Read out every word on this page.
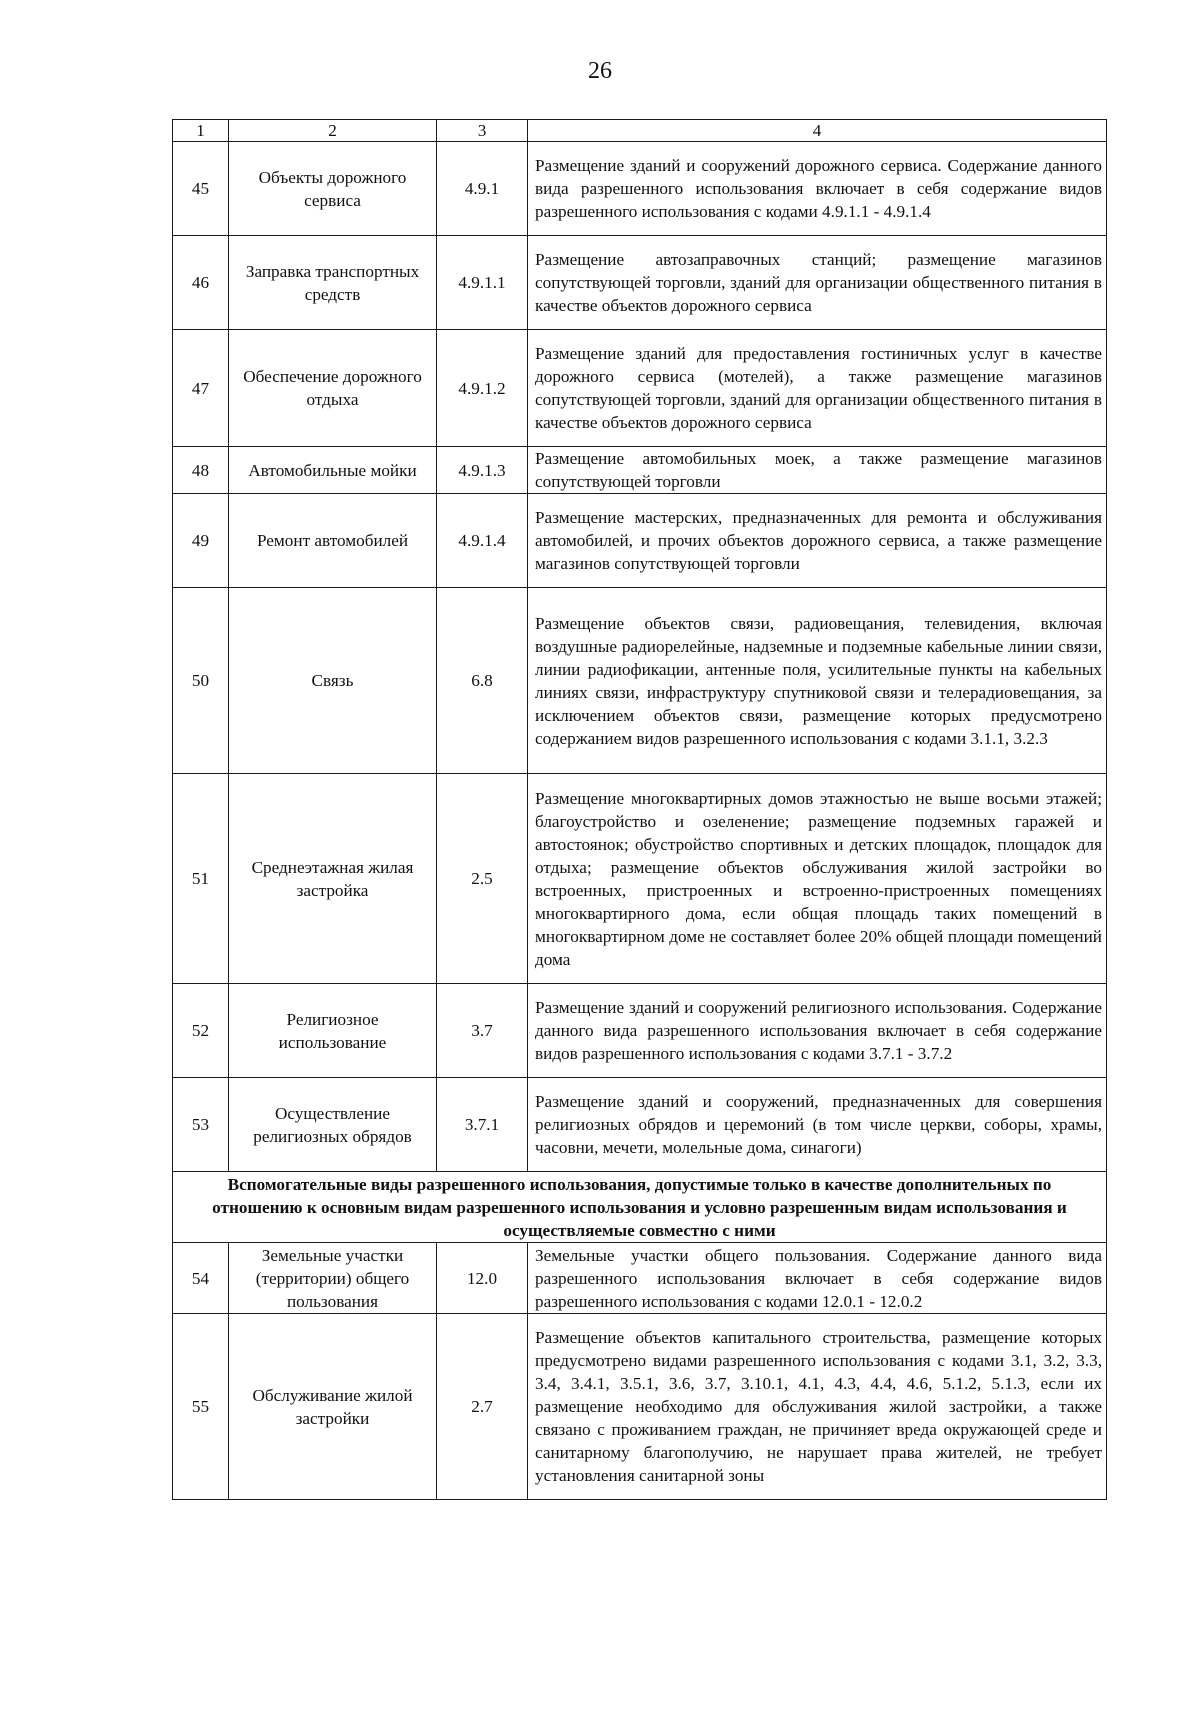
26
1	2	3	4
45	Объекты дорожного сервиса	4.9.1	Размещение зданий и сооружений дорожного сервиса. Содержание данного вида разрешенного использования включает в себя содержание видов разрешенного использования с кодами 4.9.1.1 - 4.9.1.4
46	Заправка транспортных средств	4.9.1.1	Размещение автозаправочных станций; размещение магазинов сопутствующей торговли, зданий для организации общественного питания в качестве объектов дорожного сервиса
47	Обеспечение дорожного отдыха	4.9.1.2	Размещение зданий для предоставления гостиничных услуг в качестве дорожного сервиса (мотелей), а также размещение магазинов сопутствующей торговли, зданий для организации общественного питания в качестве объектов дорожного сервиса
48	Автомобильные мойки	4.9.1.3	Размещение автомобильных моек, а также размещение магазинов сопутствующей торговли
49	Ремонт автомобилей	4.9.1.4	Размещение мастерских, предназначенных для ремонта и обслуживания автомобилей, и прочих объектов дорожного сервиса, а также размещение магазинов сопутствующей торговли
50	Связь	6.8	Размещение объектов связи, радиовещания, телевидения, включая воздушные радиорелейные, надземные и подземные кабельные линии связи, линии радиофикации, антенные поля, усилительные пункты на кабельных линиях связи, инфраструктуру спутниковой связи и телерадиовещания, за исключением объектов связи, размещение которых предусмотрено содержанием видов разрешенного использования с кодами 3.1.1, 3.2.3
51	Среднеэтажная жилая застройка	2.5	Размещение многоквартирных домов этажностью не выше восьми этажей; благоустройство и озеленение; размещение подземных гаражей и автостоянок; обустройство спортивных и детских площадок, площадок для отдыха; размещение объектов обслуживания жилой застройки во встроенных, пристроенных и встроенно-пристроенных помещениях многоквартирного дома, если общая площадь таких помещений в многоквартирном доме не составляет более 20% общей площади помещений дома
52	Религиозное использование	3.7	Размещение зданий и сооружений религиозного использования. Содержание данного вида разрешенного использования включает в себя содержание видов разрешенного использования с кодами 3.7.1 - 3.7.2
53	Осуществление религиозных обрядов	3.7.1	Размещение зданий и сооружений, предназначенных для совершения религиозных обрядов и церемоний (в том числе церкви, соборы, храмы, часовни, мечети, молельные дома, синагоги)
Вспомогательные виды разрешенного использования, допустимые только в качестве дополнительных по отношению к основным видам разрешенного использования и условно разрешенным видам использования и осуществляемые совместно с ними			
54	Земельные участки (территории) общего пользования	12.0	Земельные участки общего пользования. Содержание данного вида разрешенного использования включает в себя содержание видов разрешенного использования с кодами 12.0.1 - 12.0.2
55	Обслуживание жилой застройки	2.7	Размещение объектов капитального строительства, размещение которых предусмотрено видами разрешенного использования с кодами 3.1, 3.2, 3.3, 3.4, 3.4.1, 3.5.1, 3.6, 3.7, 3.10.1, 4.1, 4.3, 4.4, 4.6, 5.1.2, 5.1.3, если их размещение необходимо для обслуживания жилой застройки, а также связано с проживанием граждан, не причиняет вреда окружающей среде и санитарному благополучию, не нарушает права жителей, не требует установления санитарной зоны
